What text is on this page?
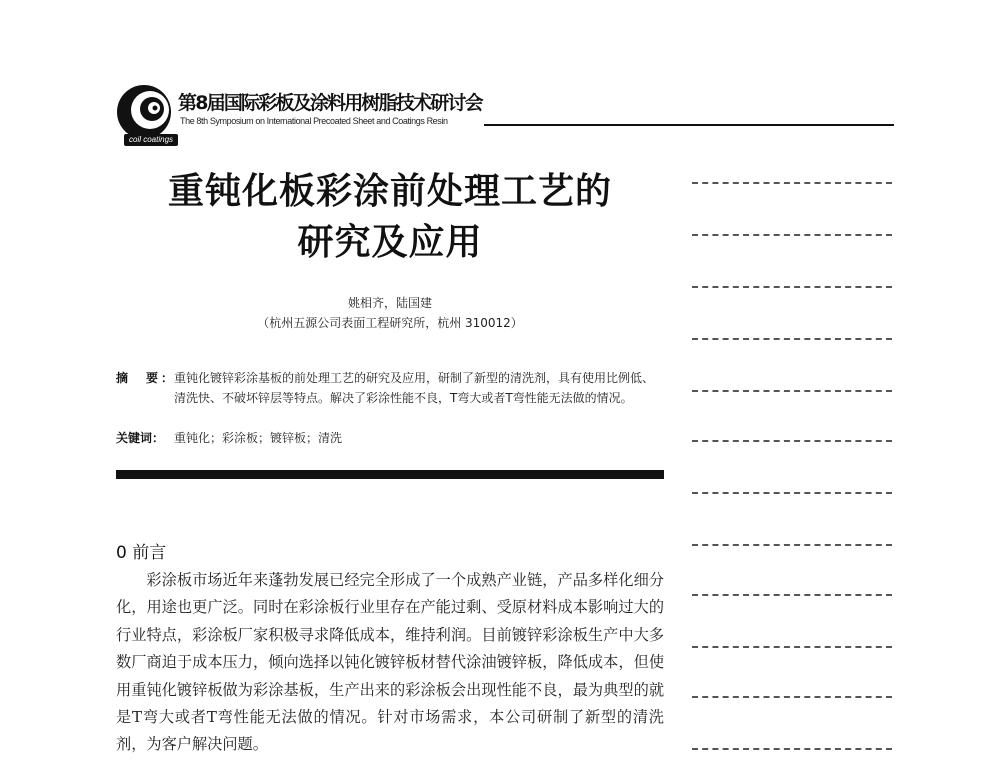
第8届国际彩板及涂料用树脂技术研讨会
The 8th Symposium on International Precoated Sheet and Coatings Resin
coil coatings
重钝化板彩涂前处理工艺的
研究及应用
姚相齐，陆国建
（杭州五源公司表面工程研究所，杭州 310012）
摘　要：
重钝化镀锌彩涂基板的前处理工艺的研究及应用，研制了新型的清洗剂，具有使用比例低、清洗快、不破坏锌层等特点。解决了彩涂性能不良，T弯大或者T弯性能无法做的情况。
关键词： 重钝化；彩涂板；镀锌板；清洗
0 前言
彩涂板市场近年来蓬勃发展已经完全形成了一个成熟产业链，产品多样化细分化，用途也更广泛。同时在彩涂板行业里存在产能过剩、受原材料成本影响过大的行业特点，彩涂板厂家积极寻求降低成本，维持利润。目前镀锌彩涂板生产中大多数厂商迫于成本压力，倾向选择以钝化镀锌板材替代涂油镀锌板，降低成本，但使用重钝化镀锌板做为彩涂基板，生产出来的彩涂板会出现性能不良，最为典型的就是T弯大或者T弯性能无法做的情况。针对市场需求，本公司研制了新型的清洗剂，为客户解决问题。
